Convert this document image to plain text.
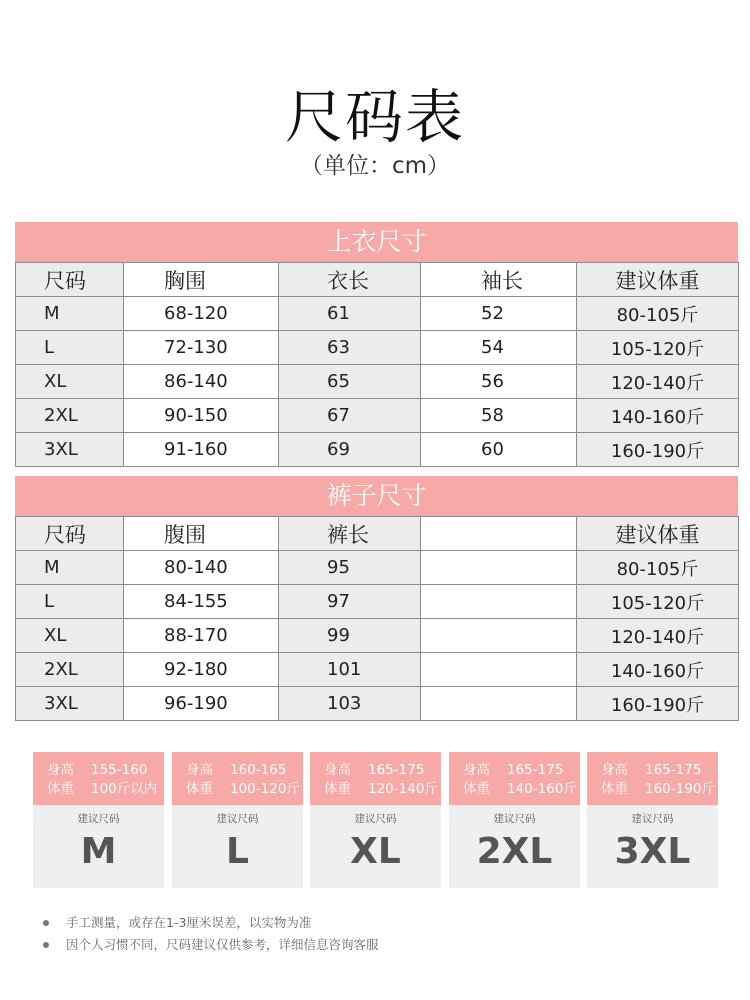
尺码表
（单位：cm）
上衣尺寸
尺码	胸围	衣长	袖长	建议体重
M	68-120	61	52	80-105斤
L	72-130	63	54	105-120斤
XL	86-140	65	56	120-140斤
2XL	90-150	67	58	140-160斤
3XL	91-160	69	60	160-190斤
裤子尺寸
尺码	腹围	裤长		建议体重
M	80-140	95		80-105斤
L	84-155	97		105-120斤
XL	88-170	99		120-140斤
2XL	92-180	101		140-160斤
3XL	96-190	103		160-190斤
身高 155-160
体重 100斤以内
建议尺码
M
身高 160-165
体重 100-120斤
建议尺码
L
身高 165-175
体重 120-140斤
建议尺码
XL
身高 165-175
体重 140-160斤
建议尺码
2XL
身高 165-175
体重 160-190斤
建议尺码
3XL
手工测量，或存在1-3厘米误差，以实物为准
因个人习惯不同，尺码建议仅供参考，详细信息咨询客服
